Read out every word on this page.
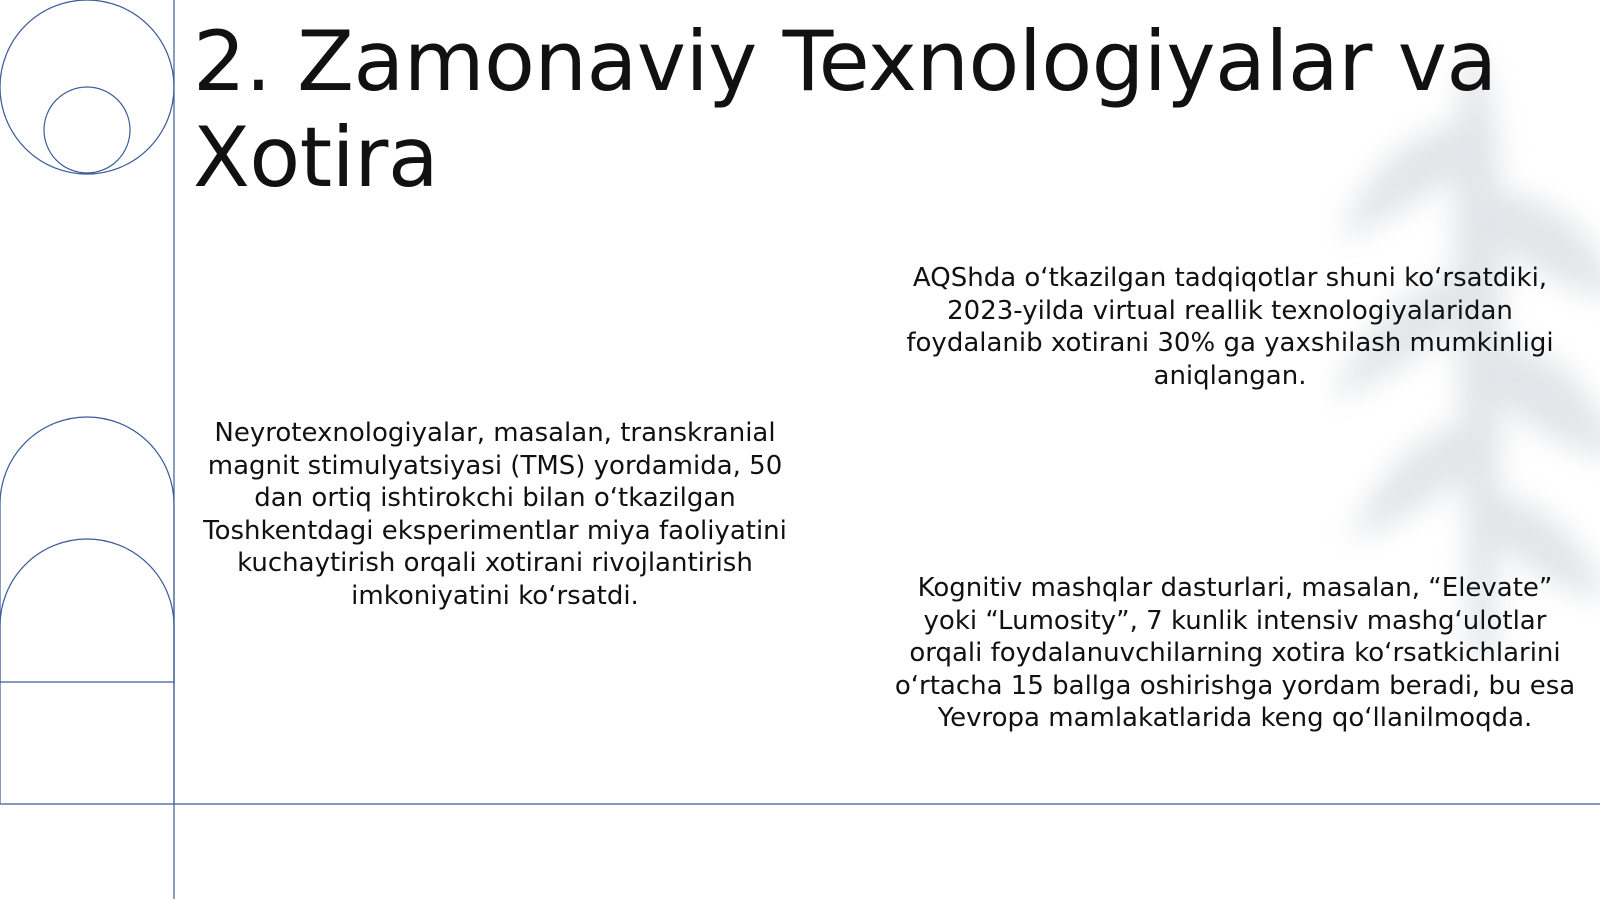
2. Zamonaviy Texnologiyalar va Xotira

Neyrotexnologiyalar, masalan, transkranial magnit stimulyatsiyasi (TMS) yordamida, 50 dan ortiq ishtirokchi bilan o‘tkazilgan Toshkentdagi eksperimentlar miya faoliyatini kuchaytirish orqali xotirani rivojlantirish imkoniyatini ko‘rsatdi.

AQShda o‘tkazilgan tadqiqotlar shuni ko‘rsatdiki, 2023-yilda virtual reallik texnologiyalaridan foydalanib xotirani 30% ga yaxshilash mumkinligi aniqlangan.

Kognitiv mashqlar dasturlari, masalan, “Elevate” yoki “Lumosity”, 7 kunlik intensiv mashg‘ulotlar orqali foydalanuvchilarning xotira ko‘rsatkichlarini o‘rtacha 15 ballga oshirishga yordam beradi, bu esa Yevropa mamlakatlarida keng qo‘llanilmoqda.
